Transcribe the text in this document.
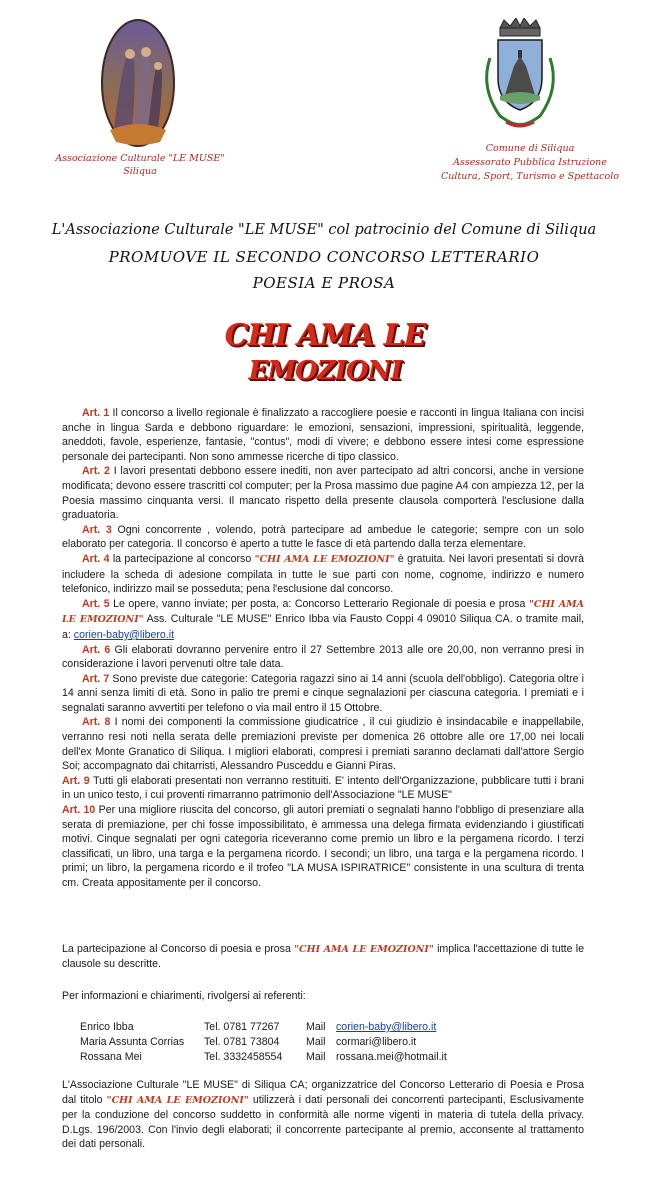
Associazione Culturale "LE MUSE"
Siliqua
Comune di Siliqua
Assessorato Pubblica Istruzione
Cultura, Sport, Turismo e Spettacolo
L'Associazione Culturale "LE MUSE" col patrocinio del Comune di Siliqua
PROMUOVE IL SECONDO CONCORSO LETTERARIO
POESIA E PROSA
CHI AMA LE
EMOZIONI

Art. 1 Il concorso a livello regionale è finalizzato a raccogliere poesie e racconti in lingua Italiana con incisi anche in lingua Sarda e debbono riguardare: le emozioni, sensazioni, impressioni, spiritualità, leggende, aneddoti, favole, esperienze, fantasie, "contus", modi di vivere; e debbono essere intesi come espressione personale dei partecipanti. Non sono ammesse ricerche di tipo classico.

Art. 2 I lavori presentati debbono essere inediti, non aver partecipato ad altri concorsi, anche in versione modificata; devono essere trascritti col computer; per la Prosa massimo due pagine A4 con ampiezza 12, per la Poesia massimo cinquanta versi. Il mancato rispetto della presente clausola comporterà l'esclusione dalla graduatoria.

Art. 3 Ogni concorrente , volendo, potrà partecipare ad ambedue le categorie; sempre con un solo elaborato per categoria. Il concorso è aperto a tutte le fasce di età partendo dalla terza elementare.

Art. 4 la partecipazione al concorso "CHI AMA LE EMOZIONI" è gratuita. Nei lavori presentati si dovrà includere la scheda di adesione compilata in tutte le sue parti con nome, cognome, indirizzo e numero telefonico, indirizzo mail se posseduta; pena l'esclusione dal concorso.

Art. 5 Le opere, vanno inviate; per posta, a: Concorso Letterario Regionale di poesia e prosa "CHI AMA LE EMOZIONI" Ass. Culturale "LE MUSE" Enrico Ibba via Fausto Coppi 4 09010 Siliqua CA. o tramite mail, a: corien-baby@libero.it

Art. 6 Gli elaborati dovranno pervenire entro il 27 Settembre 2013 alle ore 20,00, non verranno presi in considerazione i lavori pervenuti oltre tale data.

Art. 7 Sono previste due categorie: Categoria ragazzi sino ai 14 anni (scuola dell'obbligo). Categoria oltre i 14 anni senza limiti di età. Sono in palio tre premi e cinque segnalazioni per ciascuna categoria. I premiati e i segnalati saranno avvertiti per telefono o via mail entro il 15 Ottobre.

Art. 8 I nomi dei componenti la commissione giudicatrice , il cui giudizio è insindacabile e inappellabile, verranno resi noti nella serata delle premiazioni previste per domenica 26 ottobre alle ore 17,00 nei locali dell'ex Monte Granatico di Siliqua. I migliori elaborati, compresi i premiati saranno declamati dall'attore Sergio Soi; accompagnato dai chitarristi, Alessandro Pusceddu e Gianni Piras.

Art. 9 Tutti gli elaborati presentati non verranno restituiti. E' intento dell'Organizzazione, pubblicare tutti i brani in un unico testo, i cui proventi rimarranno patrimonio dell'Associazione "LE MUSE"

Art. 10 Per una migliore riuscita del concorso, gli autori premiati o segnalati hanno l'obbligo di presenziare alla serata di premiazione, per chi fosse impossibilitato, è ammessa una delega firmata evidenziando i giustificati motivi. Cinque segnalati per ogni categoria riceveranno come premio un libro e la pergamena ricordo. I terzi classificati, un libro, una targa e la pergamena ricordo. I secondi; un libro, una targa e la pergamena ricordo. I primi; un libro, la pergamena ricordo e il trofeo "LA MUSA ISPIRATRICE" consistente in una scultura di trenta cm. Creata appositamente per il concorso.

La partecipazione al Concorso di poesia e prosa "CHI AMA LE EMOZIONI" implica l'accettazione di tutte le clausole su descritte.
Per informazioni e chiarimenti, rivolgersi ai referenti:
Enrico Ibba	Tel. 0781 77267	Mail corien-baby@libero.it
Maria Assunta Corrias	Tel. 0781 73804	Mail cormari@libero.it
Rossana Mei	Tel. 3332458554	Mail rossana.mei@hotmail.it
L'Associazione Culturale "LE MUSE" di Siliqua CA; organizzatrice del Concorso Letterario di Poesia e Prosa dal titolo "CHI AMA LE EMOZIONI" utilizzerà i dati personali dei concorrenti partecipanti, Esclusivamente per la conduzione del concorso suddetto in conformità alle norme vigenti in materia di tutela della privacy. D.Lgs. 196/2003. Con l'invio degli elaborati; il concorrente partecipante al premio, acconsente al trattamento dei dati personali.
